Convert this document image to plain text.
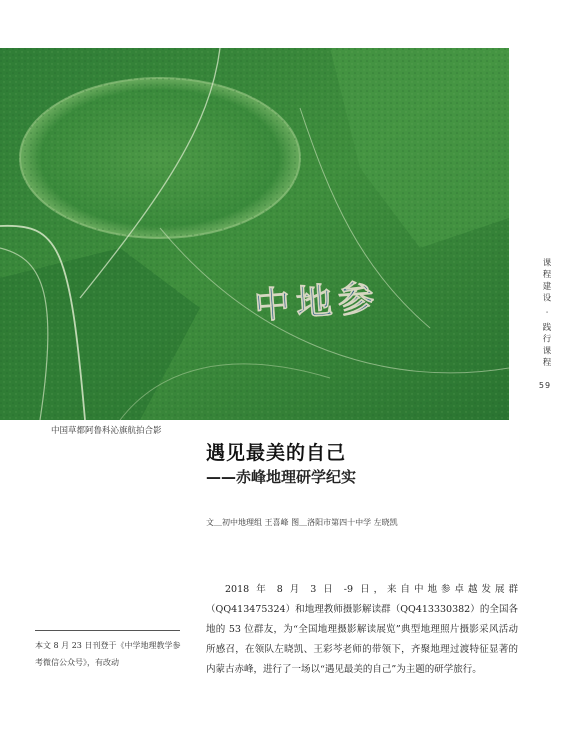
中地参
中国草都阿鲁科沁旗航拍合影
课程建设 · 践行课程
59
遇见最美的自己
——赤峰地理研学纪实
文＿初中地理组 王喜峰 图＿洛阳市第四十中学 左晓凯
本文 8 月 23 日刊登于《中学地理教学参考微信公众号》，有改动

2018 年 8 月 3 日 -9 日，来自中地参卓越发展群（QQ413475324）和地理教师摄影解读群（QQ413330382）的全国各地的 53 位群友，为“全国地理摄影解读展览”典型地理照片摄影采风活动所感召，在领队左晓凯、王彩芩老师的带领下，齐聚地理过渡特征显著的内蒙古赤峰，进行了一场以“遇见最美的自己”为主题的研学旅行。
